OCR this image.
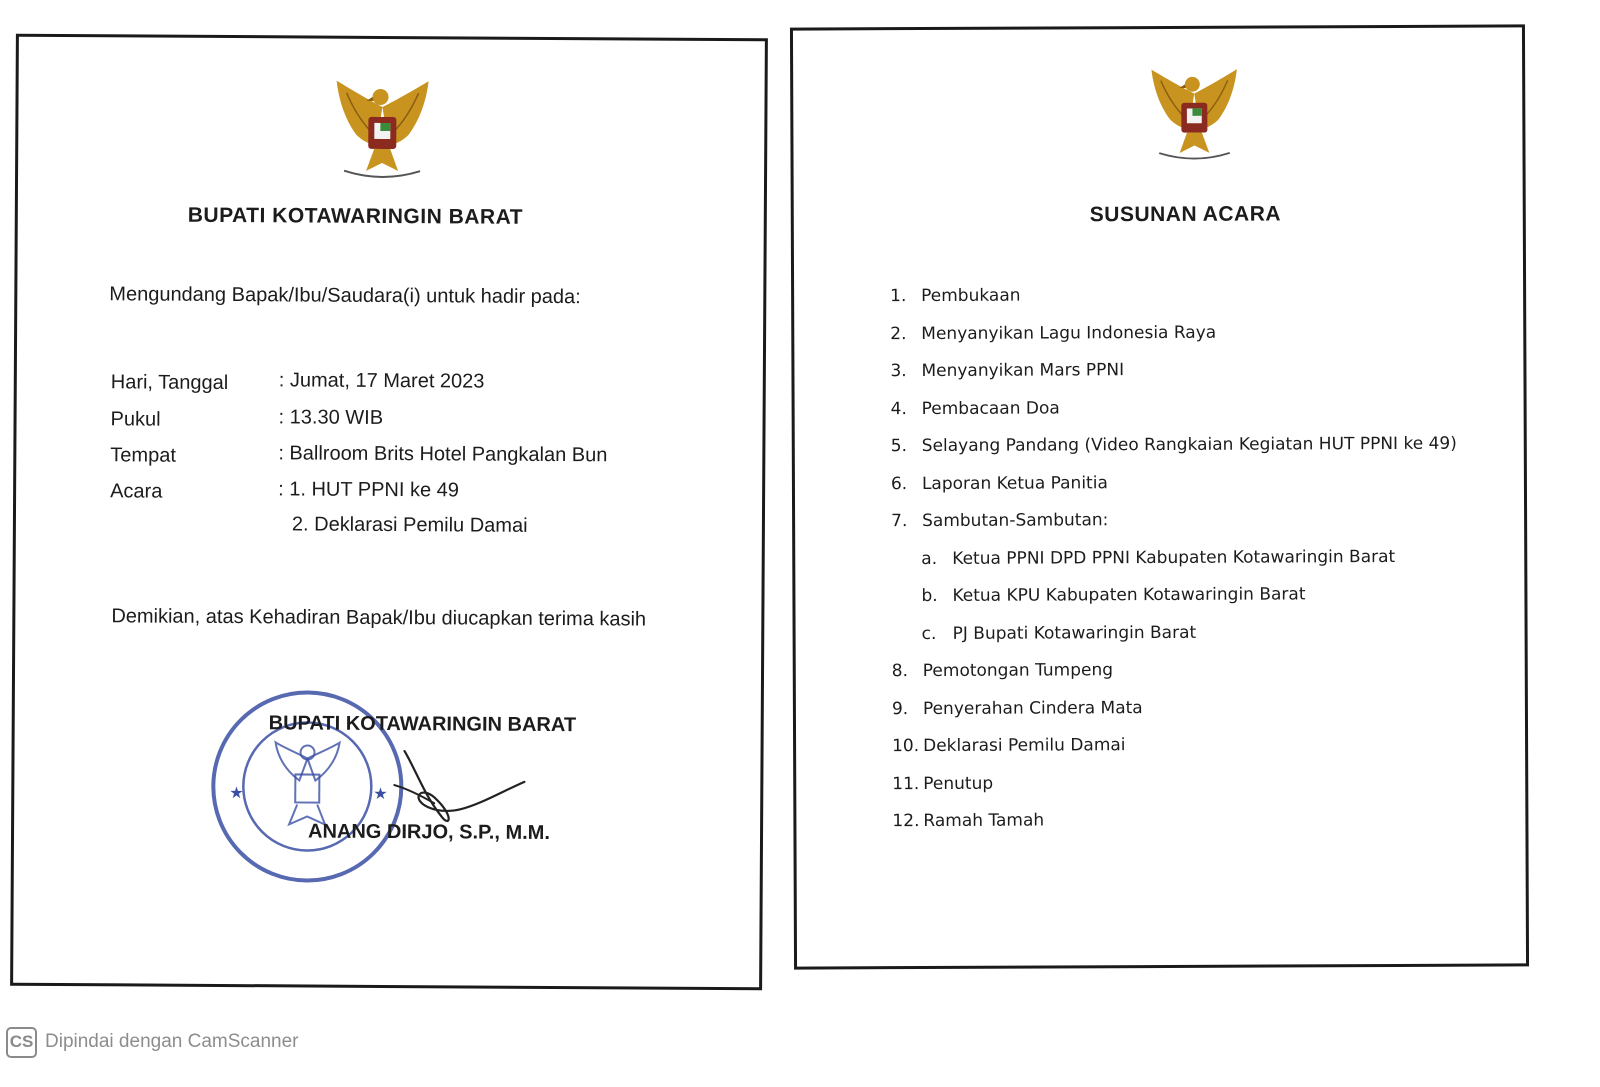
BUPATI KOTAWARINGIN BARAT
Mengundang Bapak/Ibu/Saudara(i) untuk hadir pada:
Hari, Tanggal	: Jumat, 17 Maret 2023
Pukul	: 13.30 WIB
Tempat	: Ballroom Brits Hotel Pangkalan Bun
Acara	: 1. HUT PPNI ke 49
2. Deklarasi Pemilu Damai
Demikian, atas Kehadiran Bapak/Ibu diucapkan terima kasih
★	★
BUPATI KOTAWARINGIN BARAT
ANANG DIRJO, S.P., M.M.
SUSUNAN ACARA
1. Pembukaan
2. Menyanyikan Lagu Indonesia Raya
3. Menyanyikan Mars PPNI
4. Pembacaan Doa
5. Selayang Pandang (Video Rangkaian Kegiatan HUT PPNI ke 49)
6. Laporan Ketua Panitia
7. Sambutan-Sambutan:
a. Ketua PPNI DPD PPNI Kabupaten Kotawaringin Barat
b. Ketua KPU Kabupaten Kotawaringin Barat
c. PJ Bupati Kotawaringin Barat
8. Pemotongan Tumpeng
9. Penyerahan Cindera Mata
10. Deklarasi Pemilu Damai
11. Penutup
12. Ramah Tamah
CS Dipindai dengan CamScanner
